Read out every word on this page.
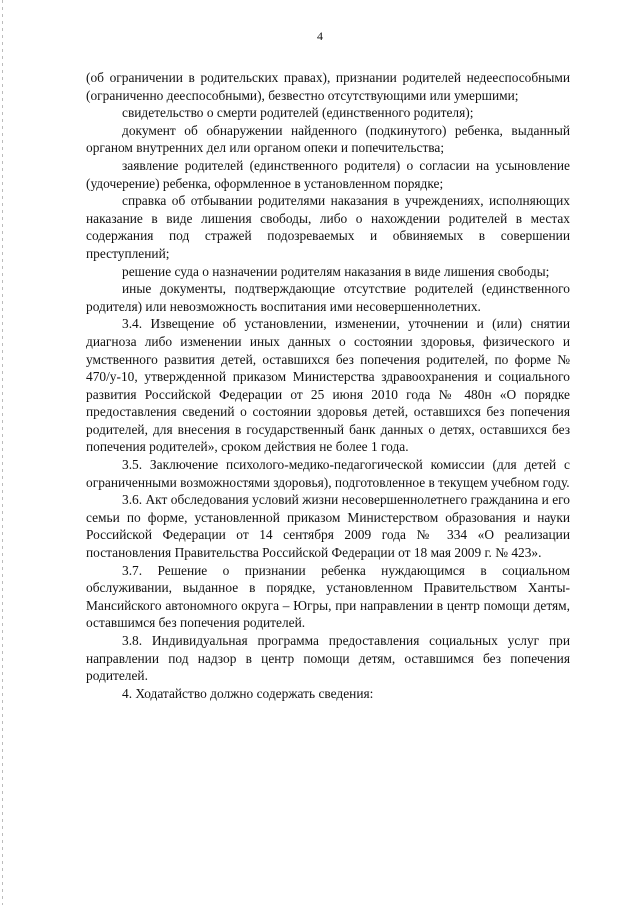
4

(об ограничении в родительских правах), признании родителей недееспособными (ограниченно дееспособными), безвестно отсутствующими или умершими;

свидетельство о смерти родителей (единственного родителя);

документ об обнаружении найденного (подкинутого) ребенка, выданный органом внутренних дел или органом опеки и попечительства;

заявление родителей (единственного родителя) о согласии на усыновление (удочерение) ребенка, оформленное в установленном порядке;

справка об отбывании родителями наказания в учреждениях, исполняющих наказание в виде лишения свободы, либо о нахождении родителей в местах содержания под стражей подозреваемых и обвиняемых в совершении преступлений;

решение суда о назначении родителям наказания в виде лишения свободы;

иные документы, подтверждающие отсутствие родителей (единственного родителя) или невозможность воспитания ими несовершеннолетних.

3.4. Извещение об установлении, изменении, уточнении и (или) снятии диагноза либо изменении иных данных о состоянии здоровья, физического и умственного развития детей, оставшихся без попечения родителей, по форме № 470/у-10, утвержденной приказом Министерства здравоохранения и социального развития Российской Федерации от 25 июня 2010 года № 480н «О порядке предоставления сведений о состоянии здоровья детей, оставшихся без попечения родителей, для внесения в государственный банк данных о детях, оставшихся без попечения родителей», сроком действия не более 1 года.

3.5. Заключение психолого-медико-педагогической комиссии (для детей с ограниченными возможностями здоровья), подготовленное в текущем учебном году.

3.6. Акт обследования условий жизни несовершеннолетнего гражданина и его семьи по форме, установленной приказом Министерством образования и науки Российской Федерации от 14 сентября 2009 года № 334 «О реализации постановления Правительства Российской Федерации от 18 мая 2009 г. № 423».

3.7. Решение о признании ребенка нуждающимся в социальном обслуживании, выданное в порядке, установленном Правительством Ханты-Мансийского автономного округа – Югры, при направлении в центр помощи детям, оставшимся без попечения родителей.

3.8. Индивидуальная программа предоставления социальных услуг при направлении под надзор в центр помощи детям, оставшимся без попечения родителей.

4. Ходатайство должно содержать сведения:
